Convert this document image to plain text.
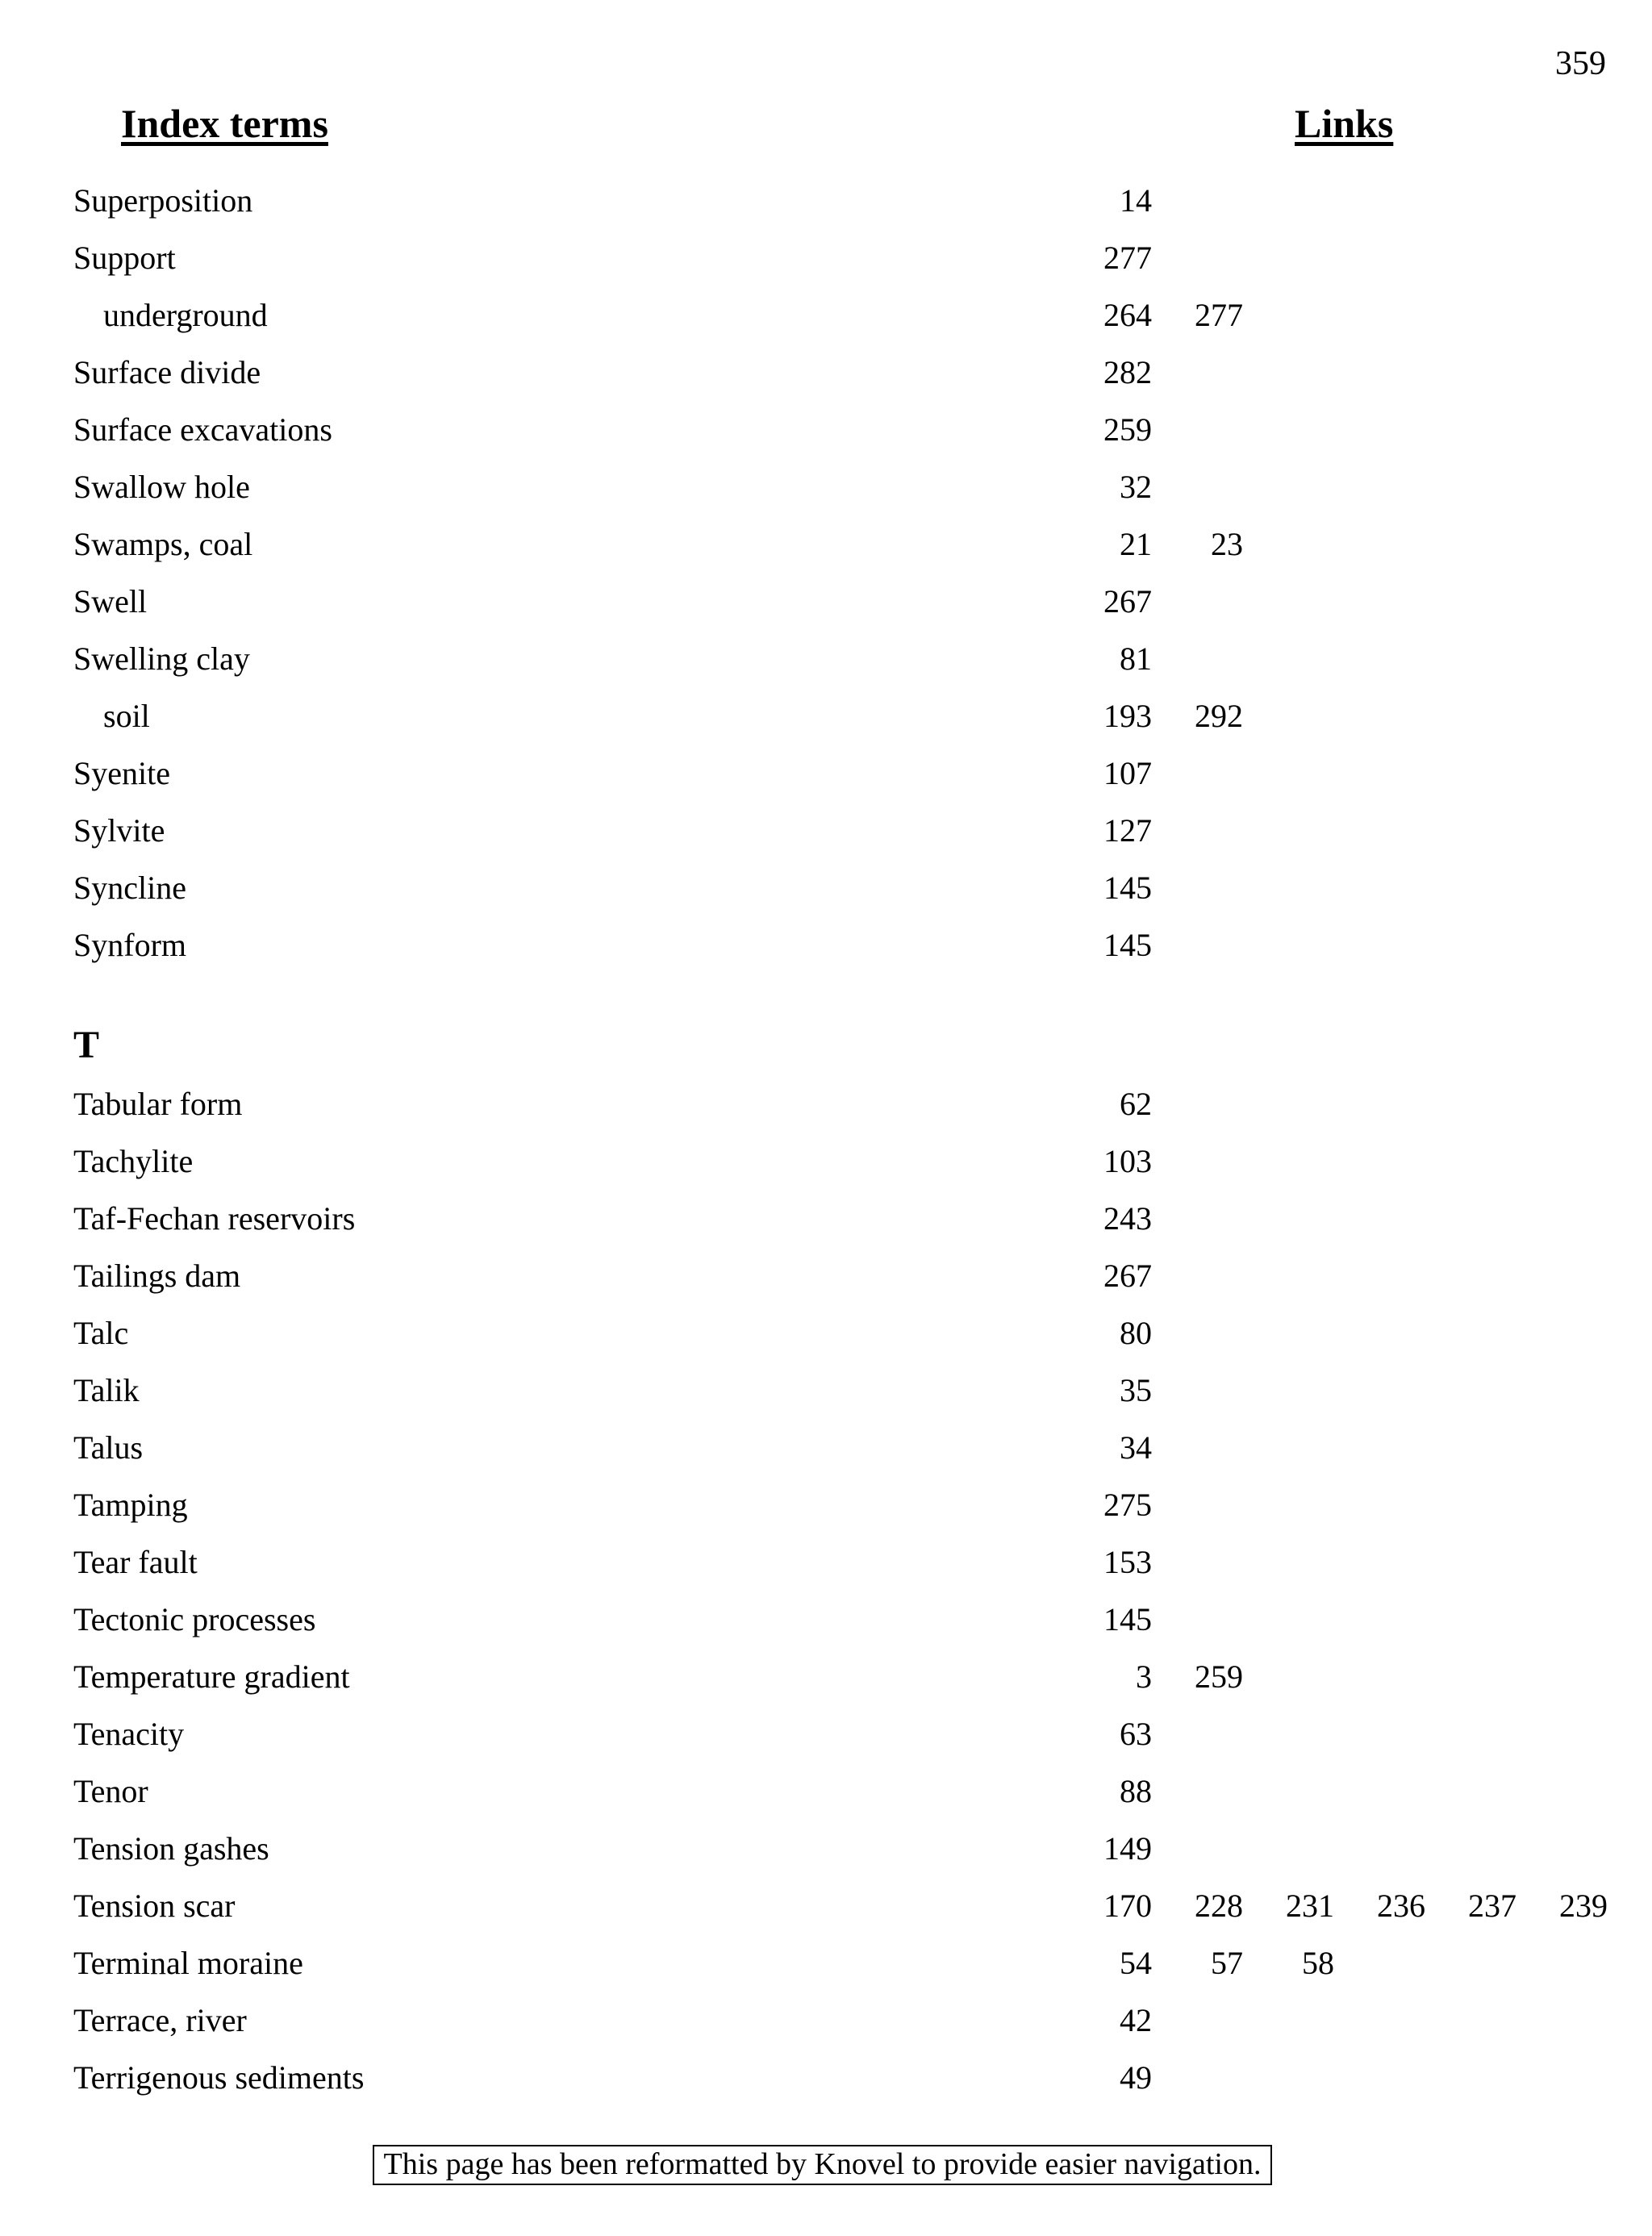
359
Index terms	Links
Superposition	14
Support	277
underground	264	277
Surface divide	282
Surface excavations	259
Swallow hole	32
Swamps, coal	21	23
Swell	267
Swelling clay	81
soil	193	292
Syenite	107
Sylvite	127
Syncline	145
Synform	145
T
Tabular form	62
Tachylite	103
Taf-Fechan reservoirs	243
Tailings dam	267
Talc	80
Talik	35
Talus	34
Tamping	275
Tear fault	153
Tectonic processes	145
Temperature gradient	3	259
Tenacity	63
Tenor	88
Tension gashes	149
Tension scar	170	228	231	236	237	239
Terminal moraine	54	57	58
Terrace, river	42
Terrigenous sediments	49
This page has been reformatted by Knovel to provide easier navigation.
